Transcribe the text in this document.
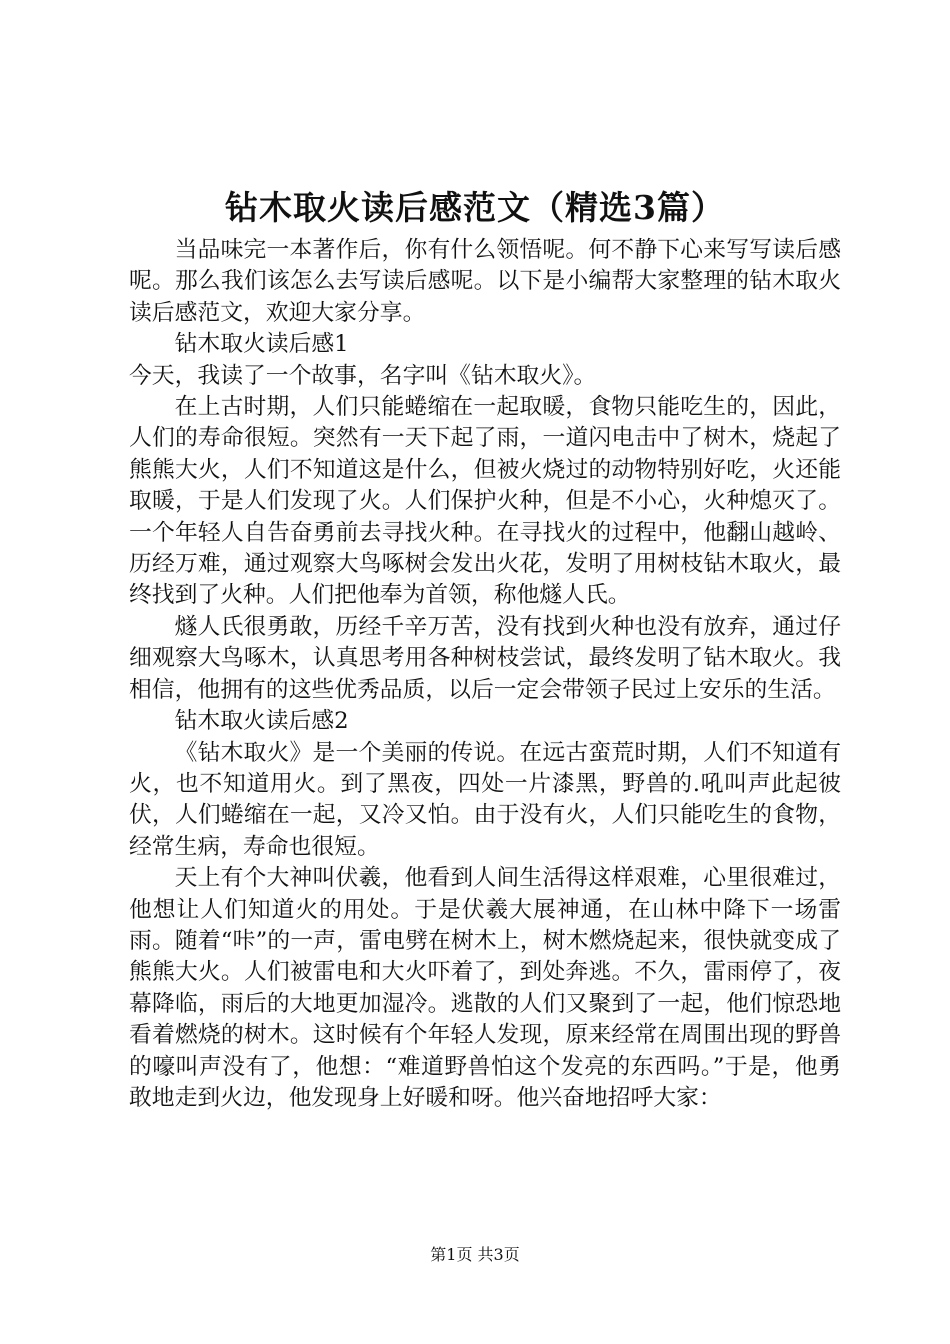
钻木取火读后感范文（精选3篇）

当品味完一本著作后，你有什么领悟呢。何不静下心来写写读后感呢。那么我们该怎么去写读后感呢。以下是小编帮大家整理的钻木取火读后感范文，欢迎大家分享。

钻木取火读后感1

今天，我读了一个故事，名字叫《钻木取火》。

在上古时期，人们只能蜷缩在一起取暖，食物只能吃生的，因此，人们的寿命很短。突然有一天下起了雨，一道闪电击中了树木，烧起了熊熊大火，人们不知道这是什么，但被火烧过的动物特别好吃，火还能取暖，于是人们发现了火。人们保护火种，但是不小心，火种熄灭了。一个年轻人自告奋勇前去寻找火种。在寻找火的过程中，他翻山越岭、历经万难，通过观察大鸟啄树会发出火花，发明了用树枝钻木取火，最终找到了火种。人们把他奉为首领，称他燧人氏。

燧人氏很勇敢，历经千辛万苦，没有找到火种也没有放弃，通过仔细观察大鸟啄木，认真思考用各种树枝尝试，最终发明了钻木取火。我相信，他拥有的这些优秀品质，以后一定会带领子民过上安乐的生活。

钻木取火读后感2

《钻木取火》是一个美丽的传说。在远古蛮荒时期，人们不知道有火，也不知道用火。到了黑夜，四处一片漆黑，野兽的.吼叫声此起彼伏，人们蜷缩在一起，又冷又怕。由于没有火，人们只能吃生的食物，经常生病，寿命也很短。

天上有个大神叫伏羲，他看到人间生活得这样艰难，心里很难过，他想让人们知道火的用处。于是伏羲大展神通，在山林中降下一场雷雨。随着“咔”的一声，雷电劈在树木上，树木燃烧起来，很快就变成了熊熊大火。人们被雷电和大火吓着了，到处奔逃。不久，雷雨停了，夜幕降临，雨后的大地更加湿冷。逃散的人们又聚到了一起，他们惊恐地看着燃烧的树木。这时候有个年轻人发现，原来经常在周围出现的野兽的嚎叫声没有了，他想：“难道野兽怕这个发亮的东西吗。”于是，他勇敢地走到火边，他发现身上好暖和呀。他兴奋地招呼大家：

第1页 共3页
